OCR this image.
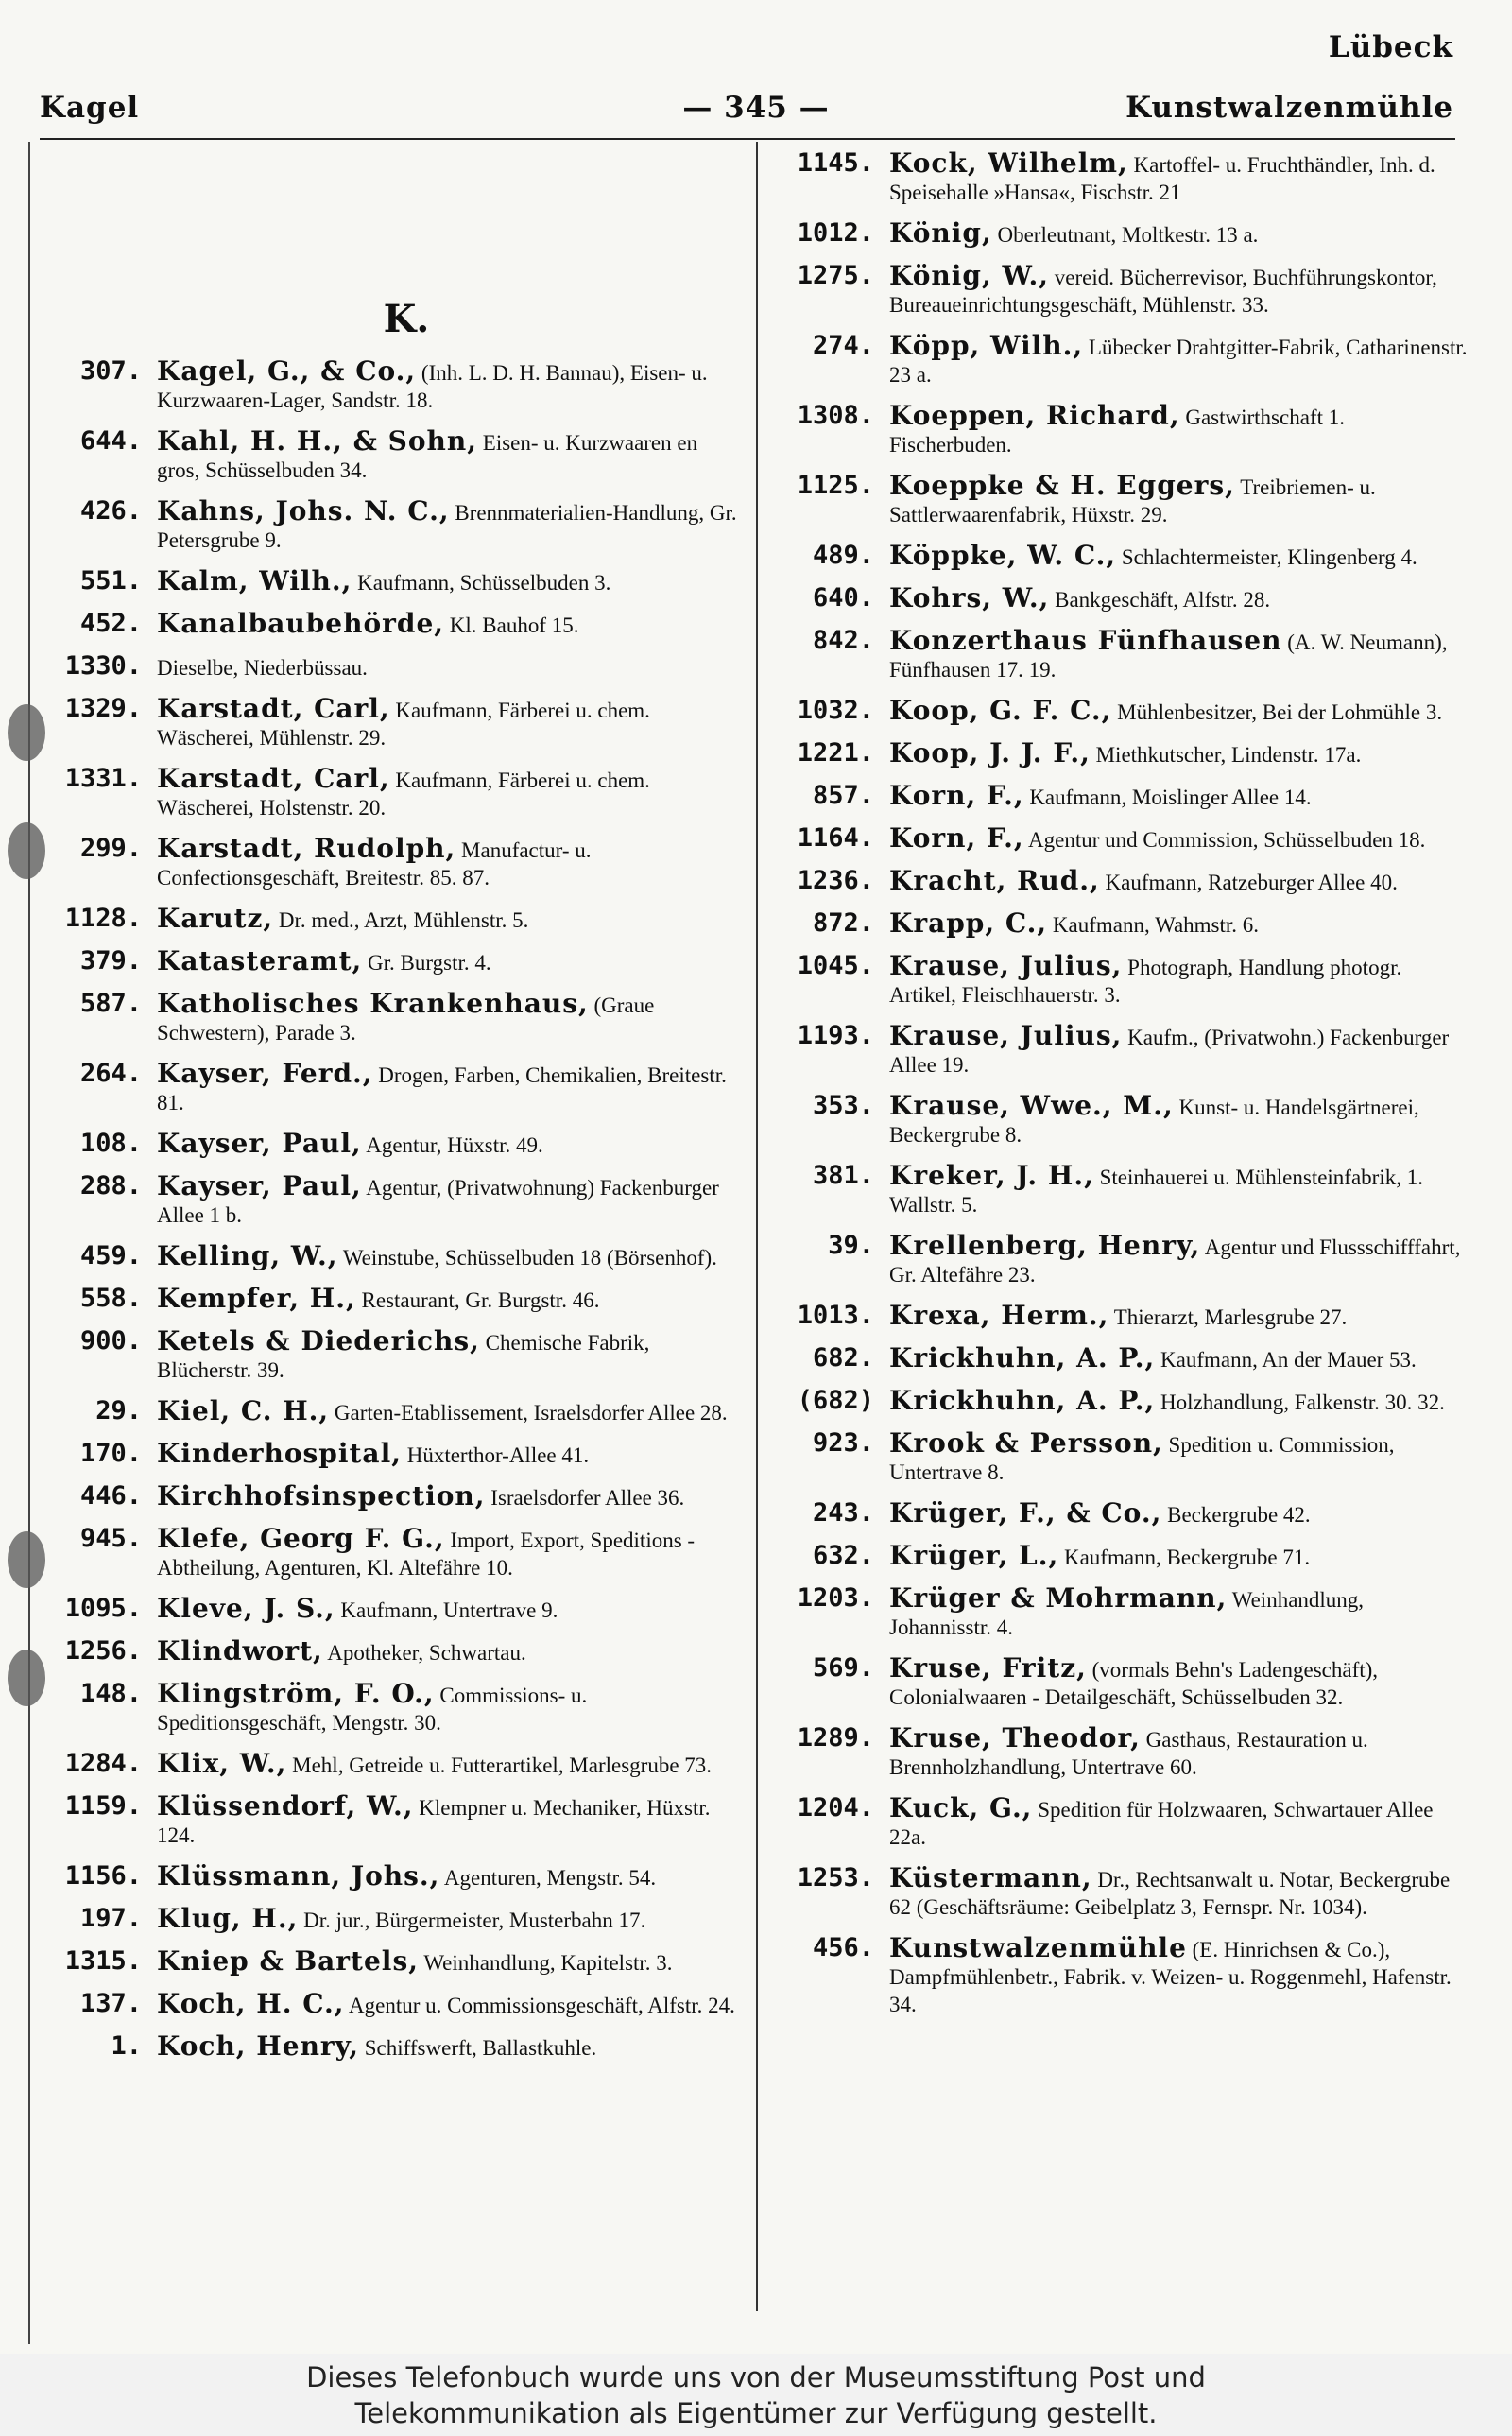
Lübeck
Kagel	— 345 —	Kunstwalzenmühle
K.
307. Kagel, G., & Co., (Inh. L. D. H. Bannau), Eisen- u. Kurzwaaren-Lager, Sandstr. 18.
644. Kahl, H. H., & Sohn, Eisen- u. Kurzwaaren en gros, Schüsselbuden 34.
426. Kahns, Johs. N. C., Brennmaterialien-Handlung, Gr. Petersgrube 9.
551. Kalm, Wilh., Kaufmann, Schüsselbuden 3.
452. Kanalbaubehörde, Kl. Bauhof 15.
1330. Dieselbe, Niederbüssau.
1329. Karstadt, Carl, Kaufmann, Färberei u. chem. Wäscherei, Mühlenstr. 29.
1331. Karstadt, Carl, Kaufmann, Färberei u. chem. Wäscherei, Holstenstr. 20.
299. Karstadt, Rudolph, Manufactur- u. Confectionsgeschäft, Breitestr. 85. 87.
1128. Karutz, Dr. med., Arzt, Mühlenstr. 5.
379. Katasteramt, Gr. Burgstr. 4.
587. Katholisches Krankenhaus, (Graue Schwestern), Parade 3.
264. Kayser, Ferd., Drogen, Farben, Chemikalien, Breitestr. 81.
108. Kayser, Paul, Agentur, Hüxstr. 49.
288. Kayser, Paul, Agentur, (Privatwohnung) Fackenburger Allee 1 b.
459. Kelling, W., Weinstube, Schüsselbuden 18 (Börsenhof).
558. Kempfer, H., Restaurant, Gr. Burgstr. 46.
900. Ketels & Diederichs, Chemische Fabrik, Blücherstr. 39.
29. Kiel, C. H., Garten-Etablissement, Israelsdorfer Allee 28.
170. Kinderhospital, Hüxterthor-Allee 41.
446. Kirchhofsinspection, Israelsdorfer Allee 36.
945. Klefe, Georg F. G., Import, Export, Speditions - Abtheilung, Agenturen, Kl. Altefähre 10.
1095. Kleve, J. S., Kaufmann, Untertrave 9.
1256. Klindwort, Apotheker, Schwartau.
148. Klingström, F. O., Commissions- u. Speditionsgeschäft, Mengstr. 30.
1284. Klix, W., Mehl, Getreide u. Futterartikel, Marlesgrube 73.
1159. Klüssendorf, W., Klempner u. Mechaniker, Hüxstr. 124.
1156. Klüssmann, Johs., Agenturen, Mengstr. 54.
197. Klug, H., Dr. jur., Bürgermeister, Musterbahn 17.
1315. Kniep & Bartels, Weinhandlung, Kapitelstr. 3.
137. Koch, H. C., Agentur u. Commissionsgeschäft, Alfstr. 24.
1. Koch, Henry, Schiffswerft, Ballastkuhle.
1145. Kock, Wilhelm, Kartoffel- u. Fruchthändler, Inh. d. Speisehalle »Hansa«, Fischstr. 21
1012. König, Oberleutnant, Moltkestr. 13 a.
1275. König, W., vereid. Bücherrevisor, Buchführungskontor, Bureaueinrichtungsgeschäft, Mühlenstr. 33.
274. Köpp, Wilh., Lübecker Drahtgitter-Fabrik, Catharinenstr. 23 a.
1308. Koeppen, Richard, Gastwirthschaft 1. Fischerbuden.
1125. Koeppke & H. Eggers, Treibriemen- u. Sattlerwaarenfabrik, Hüxstr. 29.
489. Köppke, W. C., Schlachtermeister, Klingenberg 4.
640. Kohrs, W., Bankgeschäft, Alfstr. 28.
842. Konzerthaus Fünfhausen (A. W. Neumann), Fünfhausen 17. 19.
1032. Koop, G. F. C., Mühlenbesitzer, Bei der Lohmühle 3.
1221. Koop, J. J. F., Miethkutscher, Lindenstr. 17a.
857. Korn, F., Kaufmann, Moislinger Allee 14.
1164. Korn, F., Agentur und Commission, Schüsselbuden 18.
1236. Kracht, Rud., Kaufmann, Ratzeburger Allee 40.
872. Krapp, C., Kaufmann, Wahmstr. 6.
1045. Krause, Julius, Photograph, Handlung photogr. Artikel, Fleischhauerstr. 3.
1193. Krause, Julius, Kaufm., (Privatwohn.) Fackenburger Allee 19.
353. Krause, Wwe., M., Kunst- u. Handelsgärtnerei, Beckergrube 8.
381. Kreker, J. H., Steinhauerei u. Mühlensteinfabrik, 1. Wallstr. 5.
39. Krellenberg, Henry, Agentur und Flussschifffahrt, Gr. Altefähre 23.
1013. Krexa, Herm., Thierarzt, Marlesgrube 27.
682. Krickhuhn, A. P., Kaufmann, An der Mauer 53.
(682) Krickhuhn, A. P., Holzhandlung, Falkenstr. 30. 32.
923. Krook & Persson, Spedition u. Commission, Untertrave 8.
243. Krüger, F., & Co., Beckergrube 42.
632. Krüger, L., Kaufmann, Beckergrube 71.
1203. Krüger & Mohrmann, Weinhandlung, Johannisstr. 4.
569. Kruse, Fritz, (vormals Behn's Ladengeschäft), Colonialwaaren - Detailgeschäft, Schüsselbuden 32.
1289. Kruse, Theodor, Gasthaus, Restauration u. Brennholzhandlung, Untertrave 60.
1204. Kuck, G., Spedition für Holzwaaren, Schwartauer Allee 22a.
1253. Küstermann, Dr., Rechtsanwalt u. Notar, Beckergrube 62 (Geschäftsräume: Geibelplatz 3, Fernspr. Nr. 1034).
456. Kunstwalzenmühle (E. Hinrichsen & Co.), Dampfmühlenbetr., Fabrik. v. Weizen- u. Roggenmehl, Hafenstr. 34.
Dieses Telefonbuch wurde uns von der Museumsstiftung Post und
Telekommunikation als Eigentümer zur Verfügung gestellt.
